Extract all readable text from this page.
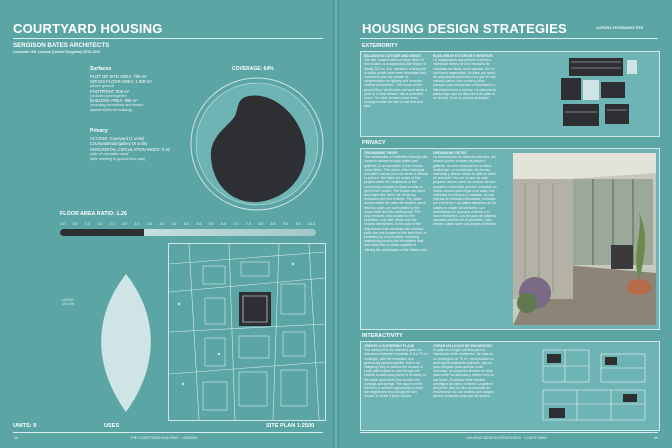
COURTYARD HOUSING
SERGISON BATES ARCHITECTS
Lawnside Hill, London (United Kingdom) 2016-2021
Surfaces
PLOT OR SITE AREA: 795 m²
GROSS FLOOR AREA: 1.000 m²
(above ground)
FOOTPRINT: 506 m²
(included porch/garden
BUILDING AREA: 995 m²
(including circulations and shared
spaces within the building)
Privacy
ACCESS: Courtyard (1 units)
Courtyard/stair/gallery (8 units)
HORIZONTAL CIRCULATION INDEX: 0.42
(ratio of circulation area/
plate referring to ground floor plan)
COVERAGE: 64%
FLOOR AREA RATIO: 1.26
0.0 0.5 1.0 1.5 2.0 2.5 3.0 3.5 4.0 4.5 5.0 5.5 6.0 6.5 7.0 7.5 8.0 8.5 9.0 9.5 10.0
LIVING
100,0%
UNITS: 9	USES	SITE PLAN 1:2500
##	THE COURTYARD HOUSING · LONDON
HOUSING DESIGN STRATEGIES	AURORA FERNÁNDEZ PER
EXTERIORITY
BALANCING OUTSIDE AND INSIDE
The site, located within a urban block of low houses, is a trapezoidal site shape of barely 100 m². It is, therefore, a deep plot in which points have been excavated and communal and use private, in compensation for lighting and common interest and exterior. The house on the ground floor, which does not have either a patio or a back terrace, has a protected porch. Ten deck terraces have been arranged within the site on the first floor plan.
EQUILIBRAR EXTERIOR E INTERIOR
La organización que permite el terreno, intersticial dentro de una manzana de viviendas en hilera, es de apenas 100 m² con forma trapezoidal. Se trata, por tanto, de una parcela profunda en la que se han vaciado patios, uno común y otros privados para compensar la iluminación e intimidad interior y exterior. La vivienda de planta baja, que no dispone ni de patio ni de terraza, tiene un porche protegido.
PRIVACY
ORGANIZING VIEWS
The construction of collective housing with common access through patios and galleries, is an exception in the London urban fabric. The notion of the individual and direct access from the street is difficult to subvert. But there are cases of this project where the inhabitants of the community navigate to share access to get to their homes. The houses are short and respectful, there are no facing entrances from the exterior. The patios around which the units are located, serve first floor plan, are surrounded by the house itself and the dividing wall. The deck terraces, also located on the perimeter, only offer views over the houses themselves. In the case of the only terrace that overlooks the common patio, the one located on the third floor, is protected by a brick lattice. Including maintaining privacy the inhabitants lead their daily lives in areas capable of offering the advantages of the hidden part.
ORGANIZAR VISTAS
La construcción de vivienda colectiva, con acceso común a través de patios o galerías, es una excepción en la trama londinense. La concepción del acceso individual y directo desde la calle es difícil de subvertir. Pero en el caso de este proyecto vemos como los vecinos de una pequeña comunidad, pueden compartir un mismo acceso para llegar a su casa. Las viviendas son breves y cuidadas, no hay puertas de entrada enfrentadas, cerradas por el exterior. Los patios alrededor de los cuales se sitúan las unidades, son delimitados por la propia vivienda y el muro medianero. Las terrazas de cubierta, ubicadas también en el perímetro, solo ofrecen vistas sobre las propias viviendas.
INTERACTIVITY
CREATE A GATHERING PLACE
The courtyard is the intended place for interaction between residents. It is a 75 m² rectangle, with the exception of a generously planted garden, that is an obligatory step to access the houses. A small path makes its way through the bushes to walk along three of its sides, to the entire gone trees that cushion the comings and goings. The layout on the first floor is another opportunity to meet the neighbours who occupy the two houses in which it gives access.
CREAR UN LUGAR DE ENCUENTRO
El patio es el lugar previsto para la interacción entre residentes. Se trata de un rectángulo de 75 m², exceptuando un jardín generosamente plantado, que es paso obligado para acceder a las viviendas. Un pequeño sendero se abre paso entre los arbustos y recorre tres de sus lados. El camino entre árboles amortigua las idas y venidas. La galería del primer piso es otra oportunidad de encontrarse con los vecinos que ocupan las dos viviendas a las que da acceso.
HOUSING DESIGN STRATEGIES · COURTYARD	##
